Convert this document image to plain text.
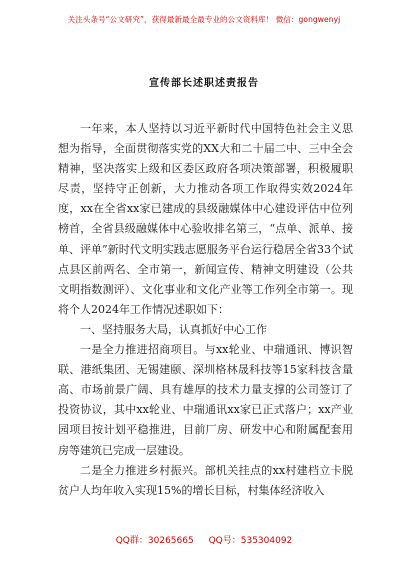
关注头条号“公文研究”，获得最新最全最专业的公文资料库！ 微信：gongwenyj
宣传部长述职述责报告

一年来，本人坚持以习近平新时代中国特色社会主义思想为指导，全面贯彻落实党的XX大和二十届二中、三中全会精神，坚决落实上级和区委区政府各项决策部署，积极履职尽责，坚持守正创新，大力推动各项工作取得实效2024年度，xx在全省xx家已建成的县级融媒体中心建设评估中位列榜首，全省县级融媒体中心验收排名第三，“点单、派单、接单、评单”新时代文明实践志愿服务平台运行稳居全省33个试点县区前两名、全市第一，新闻宣传、精神文明建设（公共文明指数测评）、文化事业和文化产业等工作列全市第一。现将个人2024年工作情况述职如下：

一、坚持服务大局，认真抓好中心工作

一是全力推进招商项目。与xx轮业、中瑞通讯、博识智联、港纸集团、无锡建颐、深圳格林晟科技等15家科技含量高、市场前景广阔、具有雄厚的技术力量支撑的公司签订了投资协议，其中xx轮业、中瑞通讯xx家已正式落户；xx产业园项目按计划平稳推进，目前厂房、研发中心和附属配套用房等建筑已完成一层建设。

二是全力推进乡村振兴。部机关挂点的xx村建档立卡脱贫户人均年收入实现15%的增长目标，村集体经济收入

QQ群：30265665 QQ号：535304092
